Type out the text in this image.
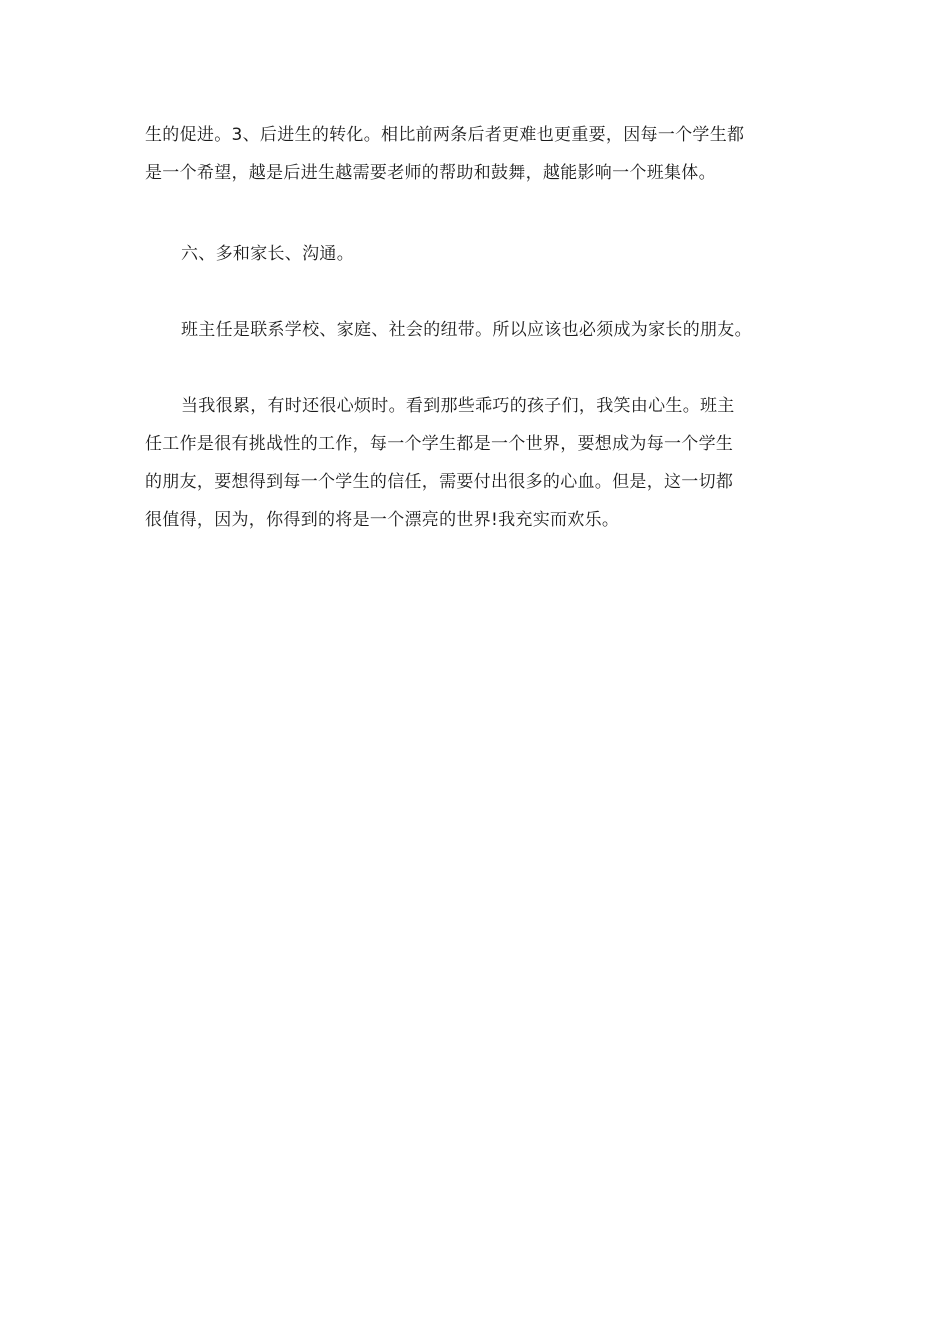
生的促进。3、后进生的转化。相比前两条后者更难也更重要，因每一个学生都
是一个希望，越是后进生越需要老师的帮助和鼓舞，越能影响一个班集体。

六、多和家长、沟通。

班主任是联系学校、家庭、社会的纽带。所以应该也必须成为家长的朋友。

当我很累，有时还很心烦时。看到那些乖巧的孩子们，我笑由心生。班主
任工作是很有挑战性的工作，每一个学生都是一个世界，要想成为每一个学生
的朋友，要想得到每一个学生的信任，需要付出很多的心血。但是，这一切都
很值得，因为，你得到的将是一个漂亮的世界!我充实而欢乐。
